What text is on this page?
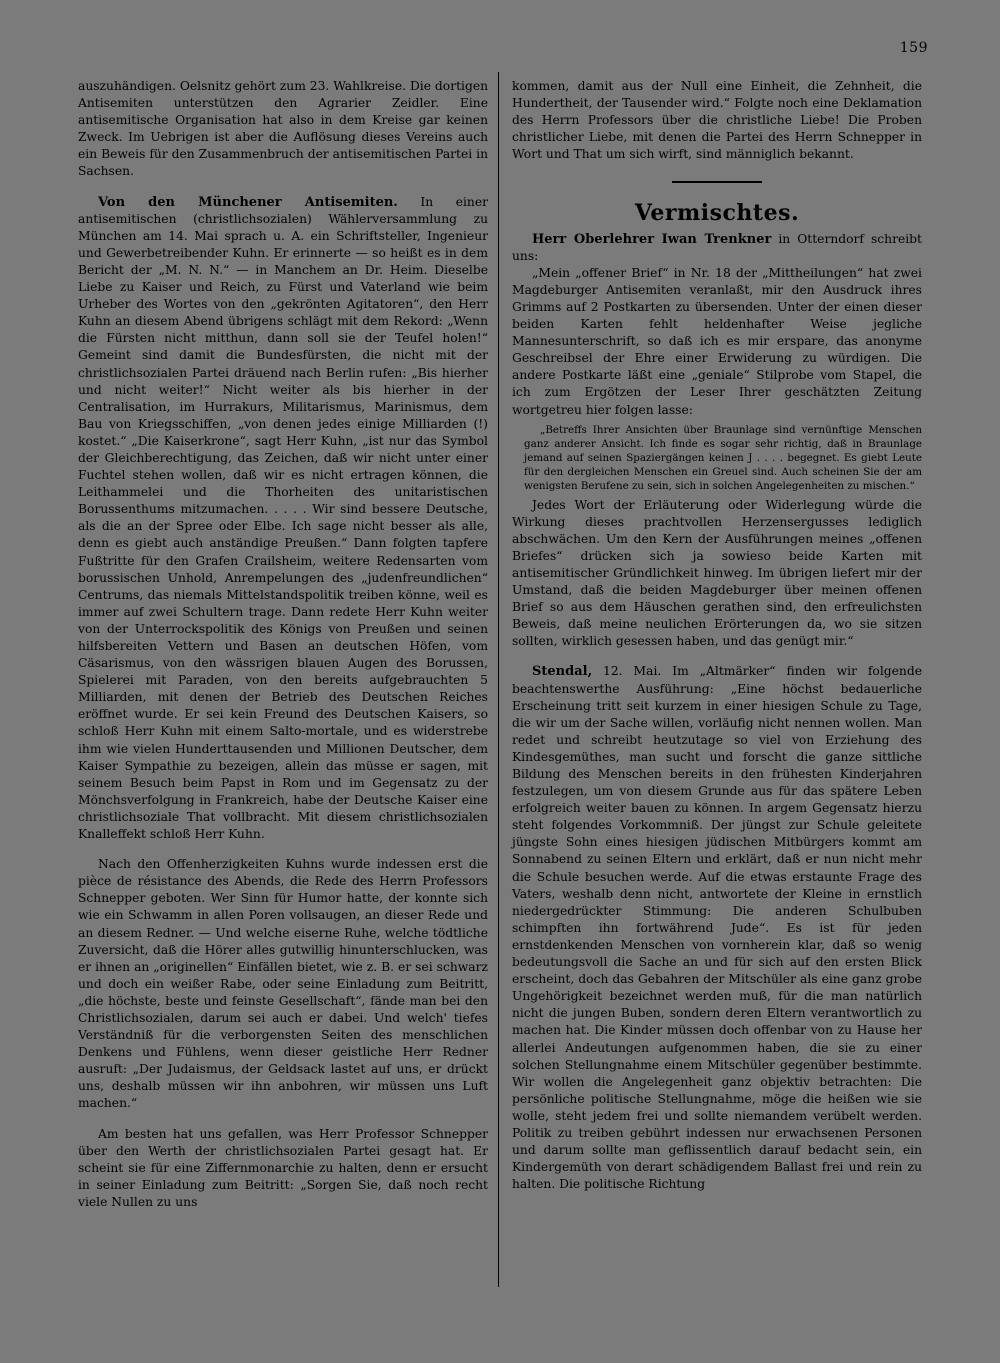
159

auszuhändigen. Oelsnitz gehört zum 23. Wahlkreise. Die dortigen Antisemiten unterstützen den Agrarier Zeidler. Eine antisemitische Organisation hat also in dem Kreise gar keinen Zweck. Im Uebrigen ist aber die Auflösung dieses Vereins auch ein Beweis für den Zusammenbruch der antisemitischen Partei in Sachsen.

Von den Münchener Antisemiten. In einer antisemitischen (christlichsozialen) Wählerversammlung zu München am 14. Mai sprach u. A. ein Schriftsteller, Ingenieur und Gewerbetreibender Kuhn. Er erinnerte — so heißt es in dem Bericht der „M. N. N.“ — in Manchem an Dr. Heim. Dieselbe Liebe zu Kaiser und Reich, zu Fürst und Vaterland wie beim Urheber des Wortes von den „gekrönten Agitatoren“, den Herr Kuhn an diesem Abend übrigens schlägt mit dem Rekord: „Wenn die Fürsten nicht mitthun, dann soll sie der Teufel holen!“ Gemeint sind damit die Bundesfürsten, die nicht mit der christlichsozialen Partei dräuend nach Berlin rufen: „Bis hierher und nicht weiter!“ Nicht weiter als bis hierher in der Centralisation, im Hurrakurs, Militarismus, Marinismus, dem Bau von Kriegsschiffen, „von denen jedes einige Milliarden (!) kostet.“ „Die Kaiserkrone“, sagt Herr Kuhn, „ist nur das Symbol der Gleichberechtigung, das Zeichen, daß wir nicht unter einer Fuchtel stehen wollen, daß wir es nicht ertragen können, die Leithammelei und die Thorheiten des unitaristischen Borussenthums mitzumachen. . . . . Wir sind bessere Deutsche, als die an der Spree oder Elbe. Ich sage nicht besser als alle, denn es giebt auch anständige Preußen.“ Dann folgten tapfere Fußtritte für den Grafen Crailsheim, weitere Redensarten vom borussischen Unhold, Anrempelungen des „judenfreundlichen“ Centrums, das niemals Mittelstandspolitik treiben könne, weil es immer auf zwei Schultern trage. Dann redete Herr Kuhn weiter von der Unterrockspolitik des Königs von Preußen und seinen hilfsbereiten Vettern und Basen an deutschen Höfen, vom Cäsarismus, von den wässrigen blauen Augen des Borussen, Spielerei mit Paraden, von den bereits aufgebrauchten 5 Milliarden, mit denen der Betrieb des Deutschen Reiches eröffnet wurde. Er sei kein Freund des Deutschen Kaisers, so schloß Herr Kuhn mit einem Salto-mortale, und es widerstrebe ihm wie vielen Hunderttausenden und Millionen Deutscher, dem Kaiser Sympathie zu bezeigen, allein das müsse er sagen, mit seinem Besuch beim Papst in Rom und im Gegensatz zu der Mönchsverfolgung in Frankreich, habe der Deutsche Kaiser eine christlichsoziale That vollbracht. Mit diesem christlichsozialen Knalleffekt schloß Herr Kuhn.

Nach den Offenherzigkeiten Kuhns wurde indessen erst die pièce de résistance des Abends, die Rede des Herrn Professors Schnepper geboten. Wer Sinn für Humor hatte, der konnte sich wie ein Schwamm in allen Poren vollsaugen, an dieser Rede und an diesem Redner. — Und welche eiserne Ruhe, welche tödtliche Zuversicht, daß die Hörer alles gutwillig hinunterschlucken, was er ihnen an „originellen“ Einfällen bietet, wie z. B. er sei schwarz und doch ein weißer Rabe, oder seine Einladung zum Beitritt, „die höchste, beste und feinste Gesellschaft“, fände man bei den Christlichsozialen, darum sei auch er dabei. Und welch' tiefes Verständniß für die verborgensten Seiten des menschlichen Denkens und Fühlens, wenn dieser geistliche Herr Redner ausruft: „Der Judaismus, der Geldsack lastet auf uns, er drückt uns, deshalb müssen wir ihn anbohren, wir müssen uns Luft machen.“

Am besten hat uns gefallen, was Herr Professor Schnepper über den Werth der christlichsozialen Partei gesagt hat. Er scheint sie für eine Ziffernmonarchie zu halten, denn er ersucht in seiner Einladung zum Beitritt: „Sorgen Sie, daß noch recht viele Nullen zu uns

kommen, damit aus der Null eine Einheit, die Zehnheit, die Hundertheit, der Tausender wird.“ Folgte noch eine Deklamation des Herrn Professors über die christliche Liebe! Die Proben christlicher Liebe, mit denen die Partei des Herrn Schnepper in Wort und That um sich wirft, sind männiglich bekannt.

Vermischtes.

Herr Oberlehrer Iwan Trenkner in Otterndorf schreibt uns:

„Mein „offener Brief“ in Nr. 18 der „Mittheilungen“ hat zwei Magdeburger Antisemiten veranlaßt, mir den Ausdruck ihres Grimms auf 2 Postkarten zu übersenden. Unter der einen dieser beiden Karten fehlt heldenhafter Weise jegliche Mannesunterschrift, so daß ich es mir erspare, das anonyme Geschreibsel der Ehre einer Erwiderung zu würdigen. Die andere Postkarte läßt eine „geniale“ Stilprobe vom Stapel, die ich zum Ergötzen der Leser Ihrer geschätzten Zeitung wortgetreu hier folgen lasse:

„Betreffs Ihrer Ansichten über Braunlage sind vernünftige Menschen ganz anderer Ansicht. Ich finde es sogar sehr richtig, daß in Braunlage jemand auf seinen Spaziergängen keinen J . . . . begegnet. Es giebt Leute für den dergleichen Menschen ein Greuel sind. Auch scheinen Sie der am wenigsten Berufene zu sein, sich in solchen Angelegenheiten zu mischen.“

Jedes Wort der Erläuterung oder Widerlegung würde die Wirkung dieses prachtvollen Herzensergusses lediglich abschwächen. Um den Kern der Ausführungen meines „offenen Briefes“ drücken sich ja sowieso beide Karten mit antisemitischer Gründlichkeit hinweg. Im übrigen liefert mir der Umstand, daß die beiden Magdeburger über meinen offenen Brief so aus dem Häuschen gerathen sind, den erfreulichsten Beweis, daß meine neulichen Erörterungen da, wo sie sitzen sollten, wirklich gesessen haben, und das genügt mir.“

Stendal, 12. Mai. Im „Altmärker“ finden wir folgende beachtenswerthe Ausführung: „Eine höchst bedauerliche Erscheinung tritt seit kurzem in einer hiesigen Schule zu Tage, die wir um der Sache willen, vorläufig nicht nennen wollen. Man redet und schreibt heutzutage so viel von Erziehung des Kindesgemüthes, man sucht und forscht die ganze sittliche Bildung des Menschen bereits in den frühesten Kinderjahren festzulegen, um von diesem Grunde aus für das spätere Leben erfolgreich weiter bauen zu können. In argem Gegensatz hierzu steht folgendes Vorkommniß. Der jüngst zur Schule geleitete jüngste Sohn eines hiesigen jüdischen Mitbürgers kommt am Sonnabend zu seinen Eltern und erklärt, daß er nun nicht mehr die Schule besuchen werde. Auf die etwas erstaunte Frage des Vaters, weshalb denn nicht, antwortete der Kleine in ernstlich niedergedrückter Stimmung: Die anderen Schulbuben schimpften ihn fortwährend Jude“. Es ist für jeden ernstdenkenden Menschen von vornherein klar, daß so wenig bedeutungsvoll die Sache an und für sich auf den ersten Blick erscheint, doch das Gebahren der Mitschüler als eine ganz grobe Ungehörigkeit bezeichnet werden muß, für die man natürlich nicht die jungen Buben, sondern deren Eltern verantwortlich zu machen hat. Die Kinder müssen doch offenbar von zu Hause her allerlei Andeutungen aufgenommen haben, die sie zu einer solchen Stellungnahme einem Mitschüler gegenüber bestimmte. Wir wollen die Angelegenheit ganz objektiv betrachten: Die persönliche politische Stellungnahme, möge die heißen wie sie wolle, steht jedem frei und sollte niemandem verübelt werden. Politik zu treiben gebührt indessen nur erwachsenen Personen und darum sollte man geflissentlich darauf bedacht sein, ein Kindergemüth von derart schädigendem Ballast frei und rein zu halten. Die politische Richtung
